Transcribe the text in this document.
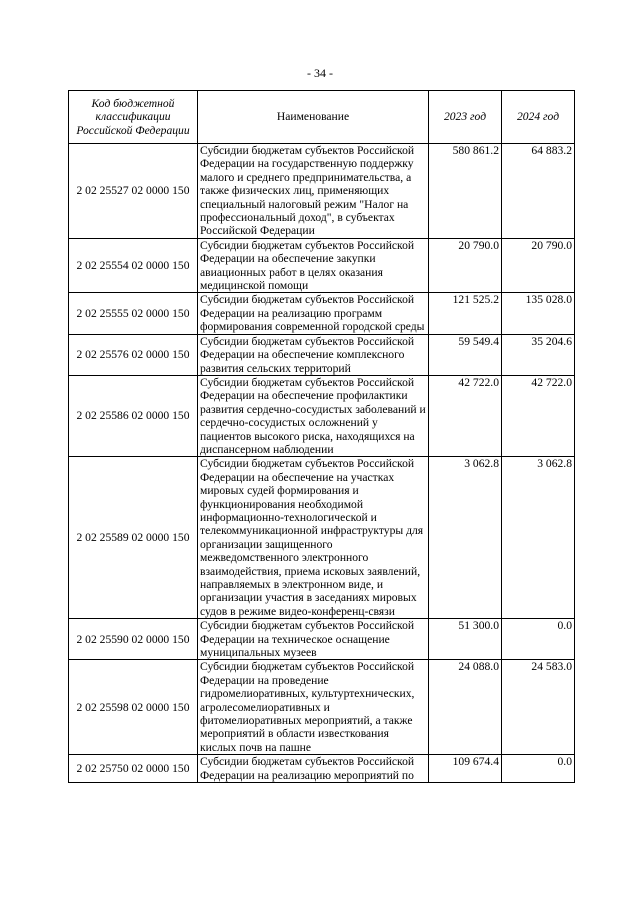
- 34 -
Код бюджетной классификации Российской Федерации	Наименование	2023 год	2024 год
2 02 25527 02 0000 150	Субсидии бюджетам субъектов Российской Федерации на государственную поддержку малого и среднего предпринимательства, а также физических лиц, применяющих специальный налоговый режим "Налог на профессиональный доход", в субъектах Российской Федерации	580 861.2	64 883.2
2 02 25554 02 0000 150	Субсидии бюджетам субъектов Российской Федерации на обеспечение закупки авиационных работ в целях оказания медицинской помощи	20 790.0	20 790.0
2 02 25555 02 0000 150	Субсидии бюджетам субъектов Российской Федерации на реализацию программ формирования современной городской среды	121 525.2	135 028.0
2 02 25576 02 0000 150	Субсидии бюджетам субъектов Российской Федерации на обеспечение комплексного развития сельских территорий	59 549.4	35 204.6
2 02 25586 02 0000 150	Субсидии бюджетам субъектов Российской Федерации на обеспечение профилактики развития сердечно-сосудистых заболеваний и сердечно-сосудистых осложнений у пациентов высокого риска, находящихся на диспансерном наблюдении	42 722.0	42 722.0
2 02 25589 02 0000 150	Субсидии бюджетам субъектов Российской Федерации на обеспечение на участках мировых судей формирования и функционирования необходимой информационно-технологической и телекоммуникационной инфраструктуры для организации защищенного межведомственного электронного взаимодействия, приема исковых заявлений, направляемых в электронном виде, и организации участия в заседаниях мировых судов в режиме видео-конференц-связи	3 062.8	3 062.8
2 02 25590 02 0000 150	Субсидии бюджетам субъектов Российской Федерации на техническое оснащение муниципальных музеев	51 300.0	0.0
2 02 25598 02 0000 150	Субсидии бюджетам субъектов Российской Федерации на проведение гидромелиоративных, культуртехнических, агролесомелиоративных и фитомелиоративных мероприятий, а также мероприятий в области известкования кислых почв на пашне	24 088.0	24 583.0
2 02 25750 02 0000 150	Субсидии бюджетам субъектов Российской Федерации на реализацию мероприятий по	109 674.4	0.0
